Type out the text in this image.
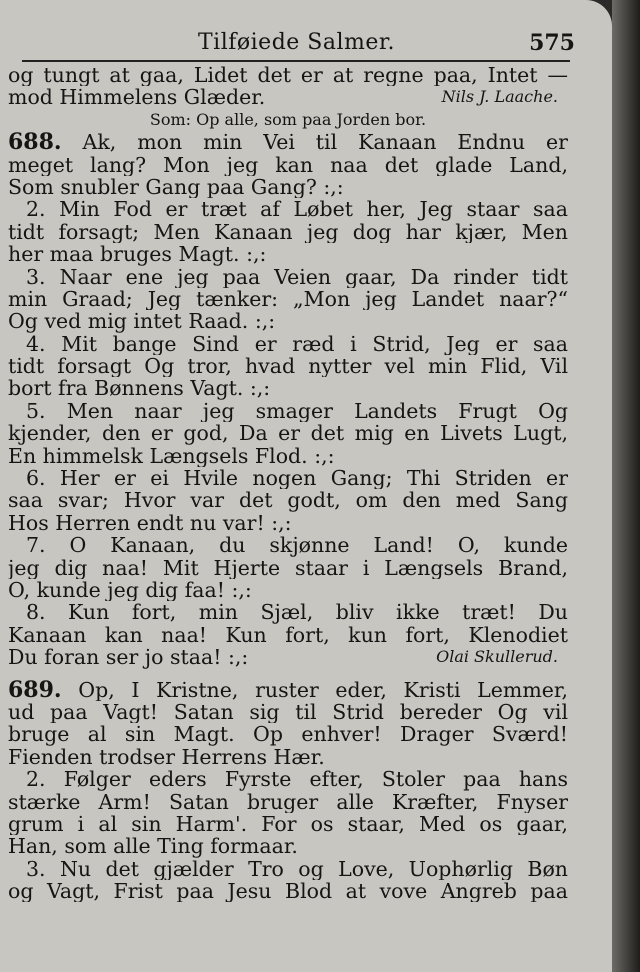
Tilføiede Salmer.	575
og tungt at gaa, Lidet det er at regne paa, Intet —
mod Himmelens Glæder.	Nils J. Laache.
Som: Op alle, som paa Jorden bor.
688. Ak, mon min Vei til Kanaan Endnu er
meget lang? Mon jeg kan naa det glade Land,
Som snubler Gang paa Gang? :,:
2. Min Fod er træt af Løbet her, Jeg staar saa
tidt forsagt; Men Kanaan jeg dog har kjær, Men
her maa bruges Magt. :,:
3. Naar ene jeg paa Veien gaar, Da rinder tidt
min Graad; Jeg tænker: „Mon jeg Landet naar?“
Og ved mig intet Raad. :,:
4. Mit bange Sind er ræd i Strid, Jeg er saa
tidt forsagt Og tror, hvad nytter vel min Flid, Vil
bort fra Bønnens Vagt. :,:
5. Men naar jeg smager Landets Frugt Og
kjender, den er god, Da er det mig en Livets Lugt,
En himmelsk Længsels Flod. :,:
6. Her er ei Hvile nogen Gang; Thi Striden er
saa svar; Hvor var det godt, om den med Sang
Hos Herren endt nu var! :,:
7. O Kanaan, du skjønne Land! O, kunde
jeg dig naa! Mit Hjerte staar i Længsels Brand,
O, kunde jeg dig faa! :,:
8. Kun fort, min Sjæl, bliv ikke træt! Du
Kanaan kan naa! Kun fort, kun fort, Klenodiet
Du foran ser jo staa! :,:	Olai Skullerud.
689. Op, I Kristne, ruster eder, Kristi Lemmer,
ud paa Vagt! Satan sig til Strid bereder Og vil
bruge al sin Magt. Op enhver! Drager Sværd!
Fienden trodser Herrens Hær.
2. Følger eders Fyrste efter, Stoler paa hans
stærke Arm! Satan bruger alle Kræfter, Fnyser
grum i al sin Harm'. For os staar, Med os gaar,
Han, som alle Ting formaar.
3. Nu det gjælder Tro og Love, Uophørlig Bøn
og Vagt, Frist paa Jesu Blod at vove Angreb paa
